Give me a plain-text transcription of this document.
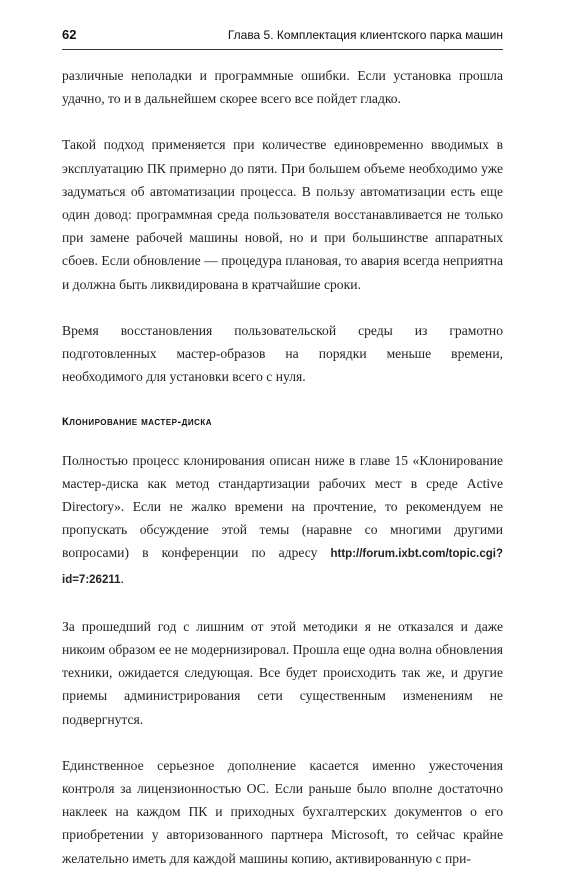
62	Глава 5. Комплектация клиентского парка машин

различные неполадки и программные ошибки. Если установка прошла удачно, то и в дальнейшем скорее всего все пойдет гладко.

Такой подход применяется при количестве единовременно вводимых в эксплуатацию ПК примерно до пяти. При большем объеме необходимо уже задуматься об автоматизации процесса. В пользу автоматизации есть еще один довод: программная среда пользователя восстанавливается не только при замене рабочей машины новой, но и при большинстве аппаратных сбоев. Если обновление — процедура плановая, то авария всегда неприятна и должна быть ликвидирована в кратчайшие сроки.

Время восстановления пользовательской среды из грамотно подготовленных мастер-образов на порядки меньше времени, необходимого для установки всего с нуля.

Клонирование мастер-диска

Полностью процесс клонирования описан ниже в главе 15 «Клонирование мастер-диска как метод стандартизации рабочих мест в среде Active Directory». Если не жалко времени на прочтение, то рекомендуем не пропускать обсуждение этой темы (наравне со многими другими вопросами) в конференции по адресу http://forum.ixbt.com/topic.cgi?id=7:26211.

За прошедший год с лишним от этой методики я не отказался и даже никоим образом ее не модернизировал. Прошла еще одна волна обновления техники, ожидается следующая. Все будет происходить так же, и другие приемы администрирования сети существенным изменениям не подвергнутся.

Единственное серьезное дополнение касается именно ужесточения контроля за лицензионностью ОС. Если раньше было вполне достаточно наклеек на каждом ПК и приходных бухгалтерских документов о его приобретении у авторизованного партнера Microsoft, то сейчас крайне желательно иметь для каждой машины копию, активированную с при-
